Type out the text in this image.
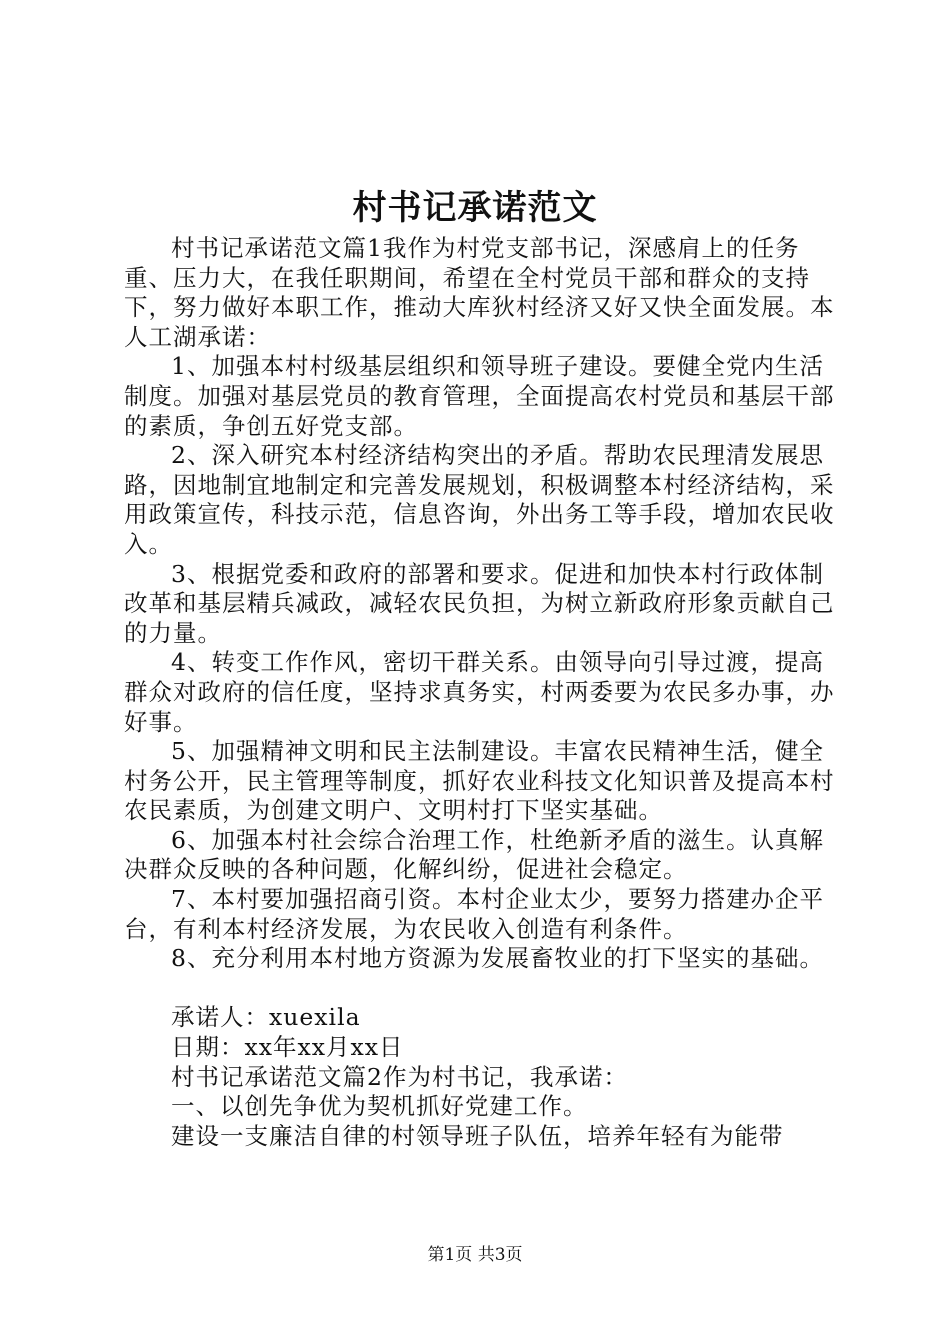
村书记承诺范文

村书记承诺范文篇1我作为村党支部书记，深感肩上的任务重、压力大，在我任职期间，希望在全村党员干部和群众的支持下，努力做好本职工作，推动大库狄村经济又好又快全面发展。本人工湖承诺：

1、加强本村村级基层组织和领导班子建设。要健全党内生活制度。加强对基层党员的教育管理，全面提高农村党员和基层干部的素质，争创五好党支部。

2、深入研究本村经济结构突出的矛盾。帮助农民理清发展思路，因地制宜地制定和完善发展规划，积极调整本村经济结构，采用政策宣传，科技示范，信息咨询，外出务工等手段，增加农民收入。

3、根据党委和政府的部署和要求。促进和加快本村行政体制改革和基层精兵减政，减轻农民负担，为树立新政府形象贡献自己的力量。

4、转变工作作风，密切干群关系。由领导向引导过渡，提高群众对政府的信任度，坚持求真务实，村两委要为农民多办事，办好事。

5、加强精神文明和民主法制建设。丰富农民精神生活，健全村务公开，民主管理等制度，抓好农业科技文化知识普及提高本村农民素质，为创建文明户、文明村打下坚实基础。

6、加强本村社会综合治理工作，杜绝新矛盾的滋生。认真解决群众反映的各种问题，化解纠纷，促进社会稳定。

7、本村要加强招商引资。本村企业太少，要努力搭建办企平台，有利本村经济发展，为农民收入创造有利条件。

8、充分利用本村地方资源为发展畜牧业的打下坚实的基础。

承诺人：xuexila

日期：xx年xx月xx日

村书记承诺范文篇2作为村书记，我承诺：

一、以创先争优为契机抓好党建工作。

建设一支廉洁自律的村领导班子队伍，培养年轻有为能带

第1页 共3页
